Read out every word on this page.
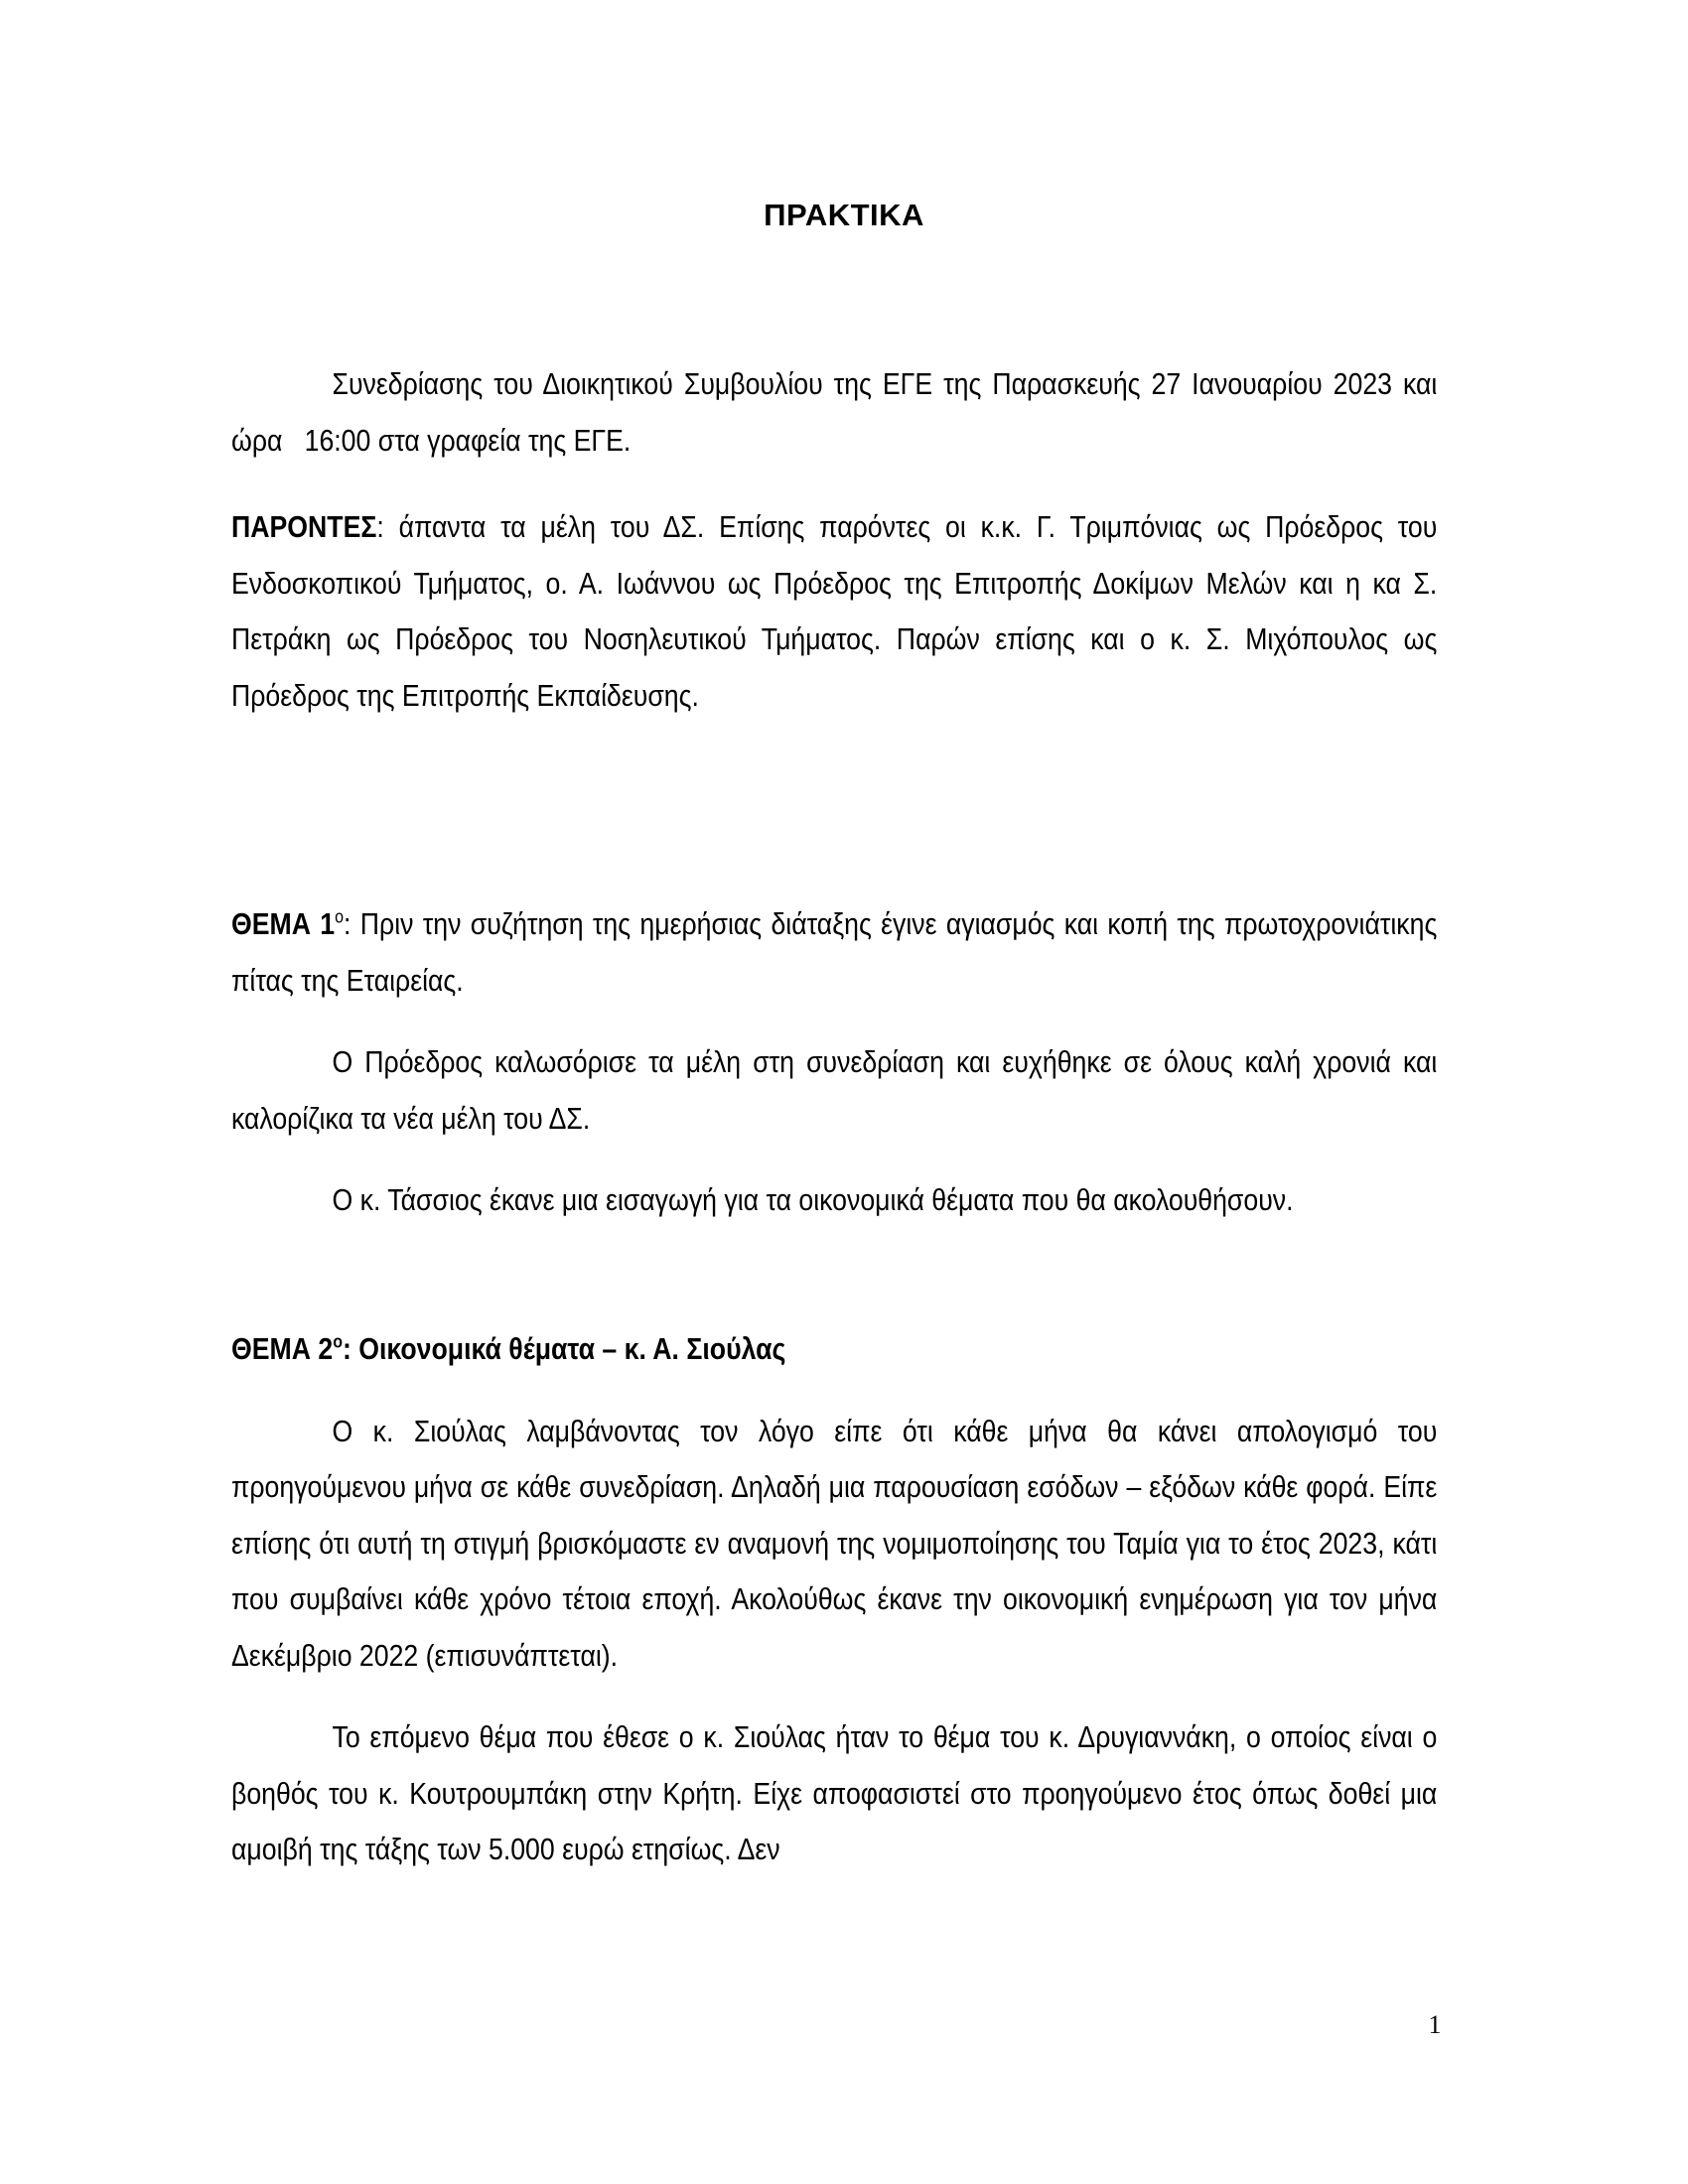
ΠΡΑΚΤΙΚΑ

Συνεδρίασης του Διοικητικού Συμβουλίου της ΕΓΕ της Παρασκευής 27 Ιανουαρίου 2023 και ώρα   16:00 στα γραφεία της ΕΓΕ.

ΠΑΡΟΝΤΕΣ: άπαντα τα μέλη του ΔΣ. Επίσης παρόντες οι κ.κ. Γ. Τριμπόνιας ως Πρόεδρος του Ενδοσκοπικού Τμήματος, ο. Α. Ιωάννου ως Πρόεδρος της Επιτροπής Δοκίμων Μελών και η κα Σ. Πετράκη ως Πρόεδρος του Νοσηλευτικού Τμήματος. Παρών επίσης και ο κ. Σ. Μιχόπουλος ως Πρόεδρος της Επιτροπής Εκπαίδευσης.

ΘΕΜΑ $1^o$: Πριν την συζήτηση της ημερήσιας διάταξης έγινε αγιασμός και κοπή της πρωτοχρονιάτικης πίτας της Εταιρείας.

Ο Πρόεδρος καλωσόρισε τα μέλη στη συνεδρίαση και ευχήθηκε σε όλους καλή χρονιά και καλορίζικα τα νέα μέλη του ΔΣ.

Ο κ. Τάσσιος έκανε μια εισαγωγή για τα οικονομικά θέματα που θα ακολουθήσουν.

ΘΕΜΑ $2^o$: Οικονομικά θέματα – κ. Α. Σιούλας

Ο κ. Σιούλας λαμβάνοντας τον λόγο είπε ότι κάθε μήνα θα κάνει απολογισμό του προηγούμενου μήνα σε κάθε συνεδρίαση. Δηλαδή μια παρουσίαση εσόδων – εξόδων κάθε φορά. Είπε επίσης ότι αυτή τη στιγμή βρισκόμαστε εν αναμονή της νομιμοποίησης του Ταμία για το έτος 2023, κάτι που συμβαίνει κάθε χρόνο τέτοια εποχή. Ακολούθως έκανε την οικονομική ενημέρωση για τον μήνα Δεκέμβριο 2022 (επισυνάπτεται).

Το επόμενο θέμα που έθεσε ο κ. Σιούλας ήταν το θέμα του κ. Δρυγιαννάκη, ο οποίος είναι ο βοηθός του κ. Κουτρουμπάκη στην Κρήτη. Είχε αποφασιστεί στο προηγούμενο έτος όπως δοθεί μια αμοιβή της τάξης των 5.000 ευρώ ετησίως. Δεν

1
